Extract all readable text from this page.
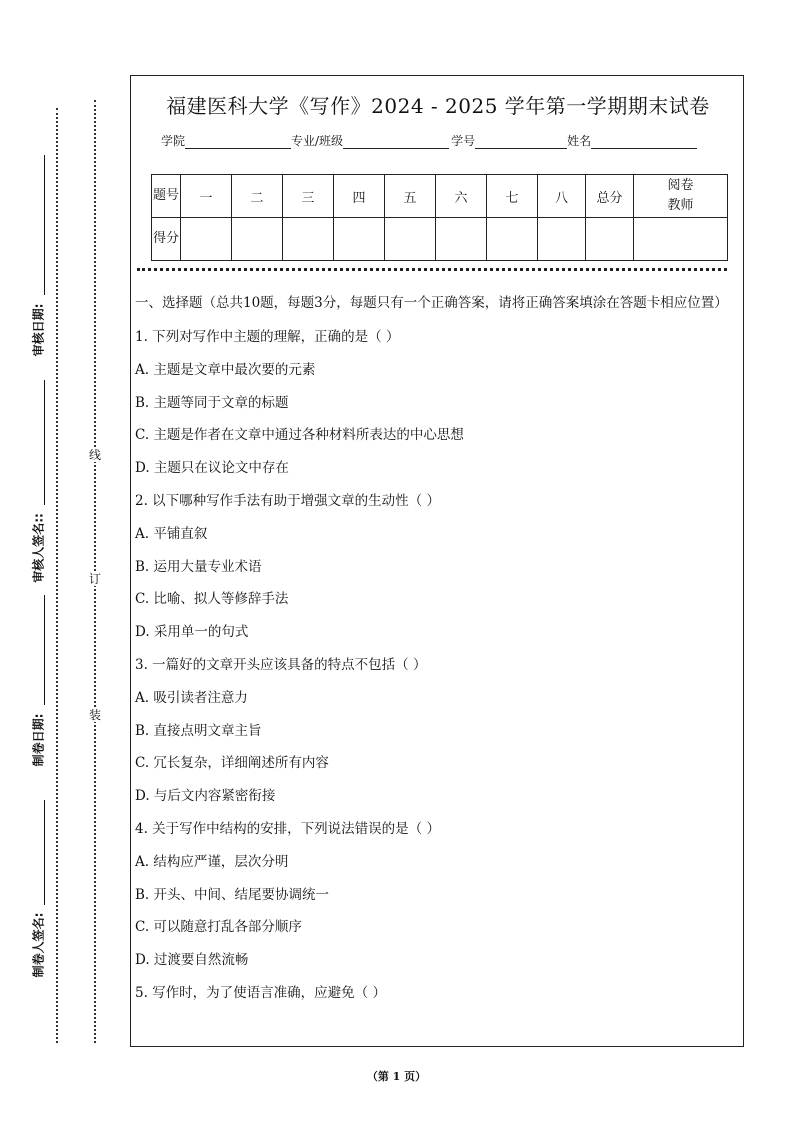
审核日期:
审核人签名::
制卷日期:
制卷人签名:
线
订
装
福建医科大学《写作》2024 - 2025 学年第一学期期末试卷
学院	专业/班级	学号	姓名
题号	一	二	三	四	五	六	七	八	总分	阅卷教师
得分										
一、选择题（总共10题，每题3分，每题只有一个正确答案，请将正确答案填涂在答题卡相应位置）
1. 下列对写作中主题的理解，正确的是（ ）
A. 主题是文章中最次要的元素
B. 主题等同于文章的标题
C. 主题是作者在文章中通过各种材料所表达的中心思想
D. 主题只在议论文中存在
2. 以下哪种写作手法有助于增强文章的生动性（ ）
A. 平铺直叙
B. 运用大量专业术语
C. 比喻、拟人等修辞手法
D. 采用单一的句式
3. 一篇好的文章开头应该具备的特点不包括（ ）
A. 吸引读者注意力
B. 直接点明文章主旨
C. 冗长复杂，详细阐述所有内容
D. 与后文内容紧密衔接
4. 关于写作中结构的安排，下列说法错误的是（ ）
A. 结构应严谨，层次分明
B. 开头、中间、结尾要协调统一
C. 可以随意打乱各部分顺序
D. 过渡要自然流畅
5. 写作时，为了使语言准确，应避免（ ）
（第 1 页）
